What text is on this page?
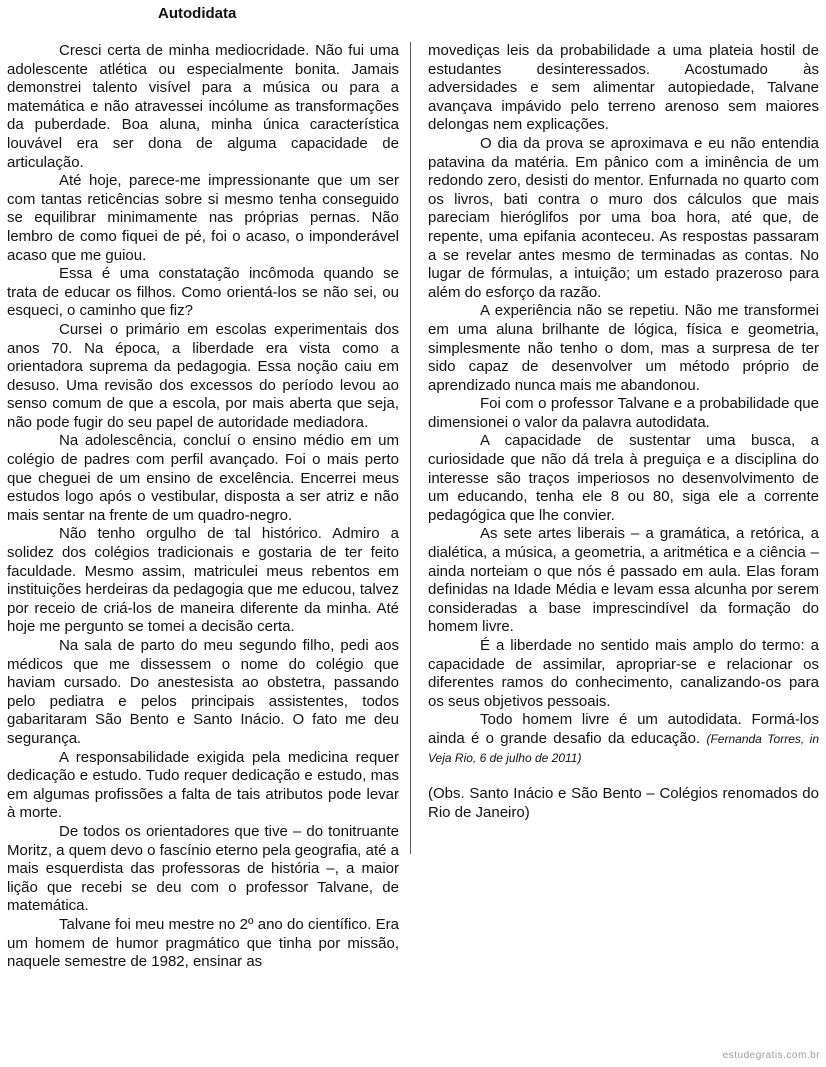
Autodidata

Cresci certa de minha mediocridade. Não fui uma adolescente atlética ou especialmente bonita. Jamais demonstrei talento visível para a música ou para a matemática e não atravessei incólume as transformações da puberdade. Boa aluna, minha única característica louvável era ser dona de alguma capacidade de articulação.

Até hoje, parece-me impressionante que um ser com tantas reticências sobre si mesmo tenha conseguido se equilibrar minimamente nas próprias pernas. Não lembro de como fiquei de pé, foi o acaso, o imponderável acaso que me guiou.

Essa é uma constatação incômoda quando se trata de educar os filhos. Como orientá-los se não sei, ou esqueci, o caminho que fiz?

Cursei o primário em escolas experimentais dos anos 70. Na época, a liberdade era vista como a orientadora suprema da pedagogia. Essa noção caiu em desuso. Uma revisão dos excessos do período levou ao senso comum de que a escola, por mais aberta que seja, não pode fugir do seu papel de autoridade mediadora.

Na adolescência, concluí o ensino médio em um colégio de padres com perfil avançado. Foi o mais perto que cheguei de um ensino de excelência. Encerrei meus estudos logo após o vestibular, disposta a ser atriz e não mais sentar na frente de um quadro-negro.

Não tenho orgulho de tal histórico. Admiro a solidez dos colégios tradicionais e gostaria de ter feito faculdade. Mesmo assim, matriculei meus rebentos em instituições herdeiras da pedagogia que me educou, talvez por receio de criá-los de maneira diferente da minha. Até hoje me pergunto se tomei a decisão certa.

Na sala de parto do meu segundo filho, pedi aos médicos que me dissessem o nome do colégio que haviam cursado. Do anestesista ao obstetra, passando pelo pediatra e pelos principais assistentes, todos gabaritaram São Bento e Santo Inácio. O fato me deu segurança.

A responsabilidade exigida pela medicina requer dedicação e estudo. Tudo requer dedicação e estudo, mas em algumas profissões a falta de tais atributos pode levar à morte.

De todos os orientadores que tive – do tonitruante Moritz, a quem devo o fascínio eterno pela geografia, até a mais esquerdista das professoras de história –, a maior lição que recebi se deu com o professor Talvane, de matemática.

Talvane foi meu mestre no 2º ano do científico. Era um homem de humor pragmático que tinha por missão, naquele semestre de 1982, ensinar as

movediças leis da probabilidade a uma plateia hostil de estudantes desinteressados. Acostumado às adversidades e sem alimentar autopiedade, Talvane avançava impávido pelo terreno arenoso sem maiores delongas nem explicações.

O dia da prova se aproximava e eu não entendia patavina da matéria. Em pânico com a iminência de um redondo zero, desisti do mentor. Enfurnada no quarto com os livros, bati contra o muro dos cálculos que mais pareciam hieróglifos por uma boa hora, até que, de repente, uma epifania aconteceu. As respostas passaram a se revelar antes mesmo de terminadas as contas. No lugar de fórmulas, a intuição; um estado prazeroso para além do esforço da razão.

A experiência não se repetiu. Não me transformei em uma aluna brilhante de lógica, física e geometria, simplesmente não tenho o dom, mas a surpresa de ter sido capaz de desenvolver um método próprio de aprendizado nunca mais me abandonou.

Foi com o professor Talvane e a probabilidade que dimensionei o valor da palavra autodidata.

A capacidade de sustentar uma busca, a curiosidade que não dá trela à preguiça e a disciplina do interesse são traços imperiosos no desenvolvimento de um educando, tenha ele 8 ou 80, siga ele a corrente pedagógica que lhe convier.

As sete artes liberais – a gramática, a retórica, a dialética, a música, a geometria, a aritmética e a ciência – ainda norteiam o que nós é passado em aula. Elas foram definidas na Idade Média e levam essa alcunha por serem consideradas a base imprescindível da formação do homem livre.

É a liberdade no sentido mais amplo do termo: a capacidade de assimilar, apropriar-se e relacionar os diferentes ramos do conhecimento, canalizando-os para os seus objetivos pessoais.

Todo homem livre é um autodidata. Formá-los ainda é o grande desafio da educação. (Fernanda Torres, in Veja Rio, 6 de julho de 2011)

(Obs. Santo Inácio e São Bento – Colégios renomados do Rio de Janeiro)

estudegratis.com.br
